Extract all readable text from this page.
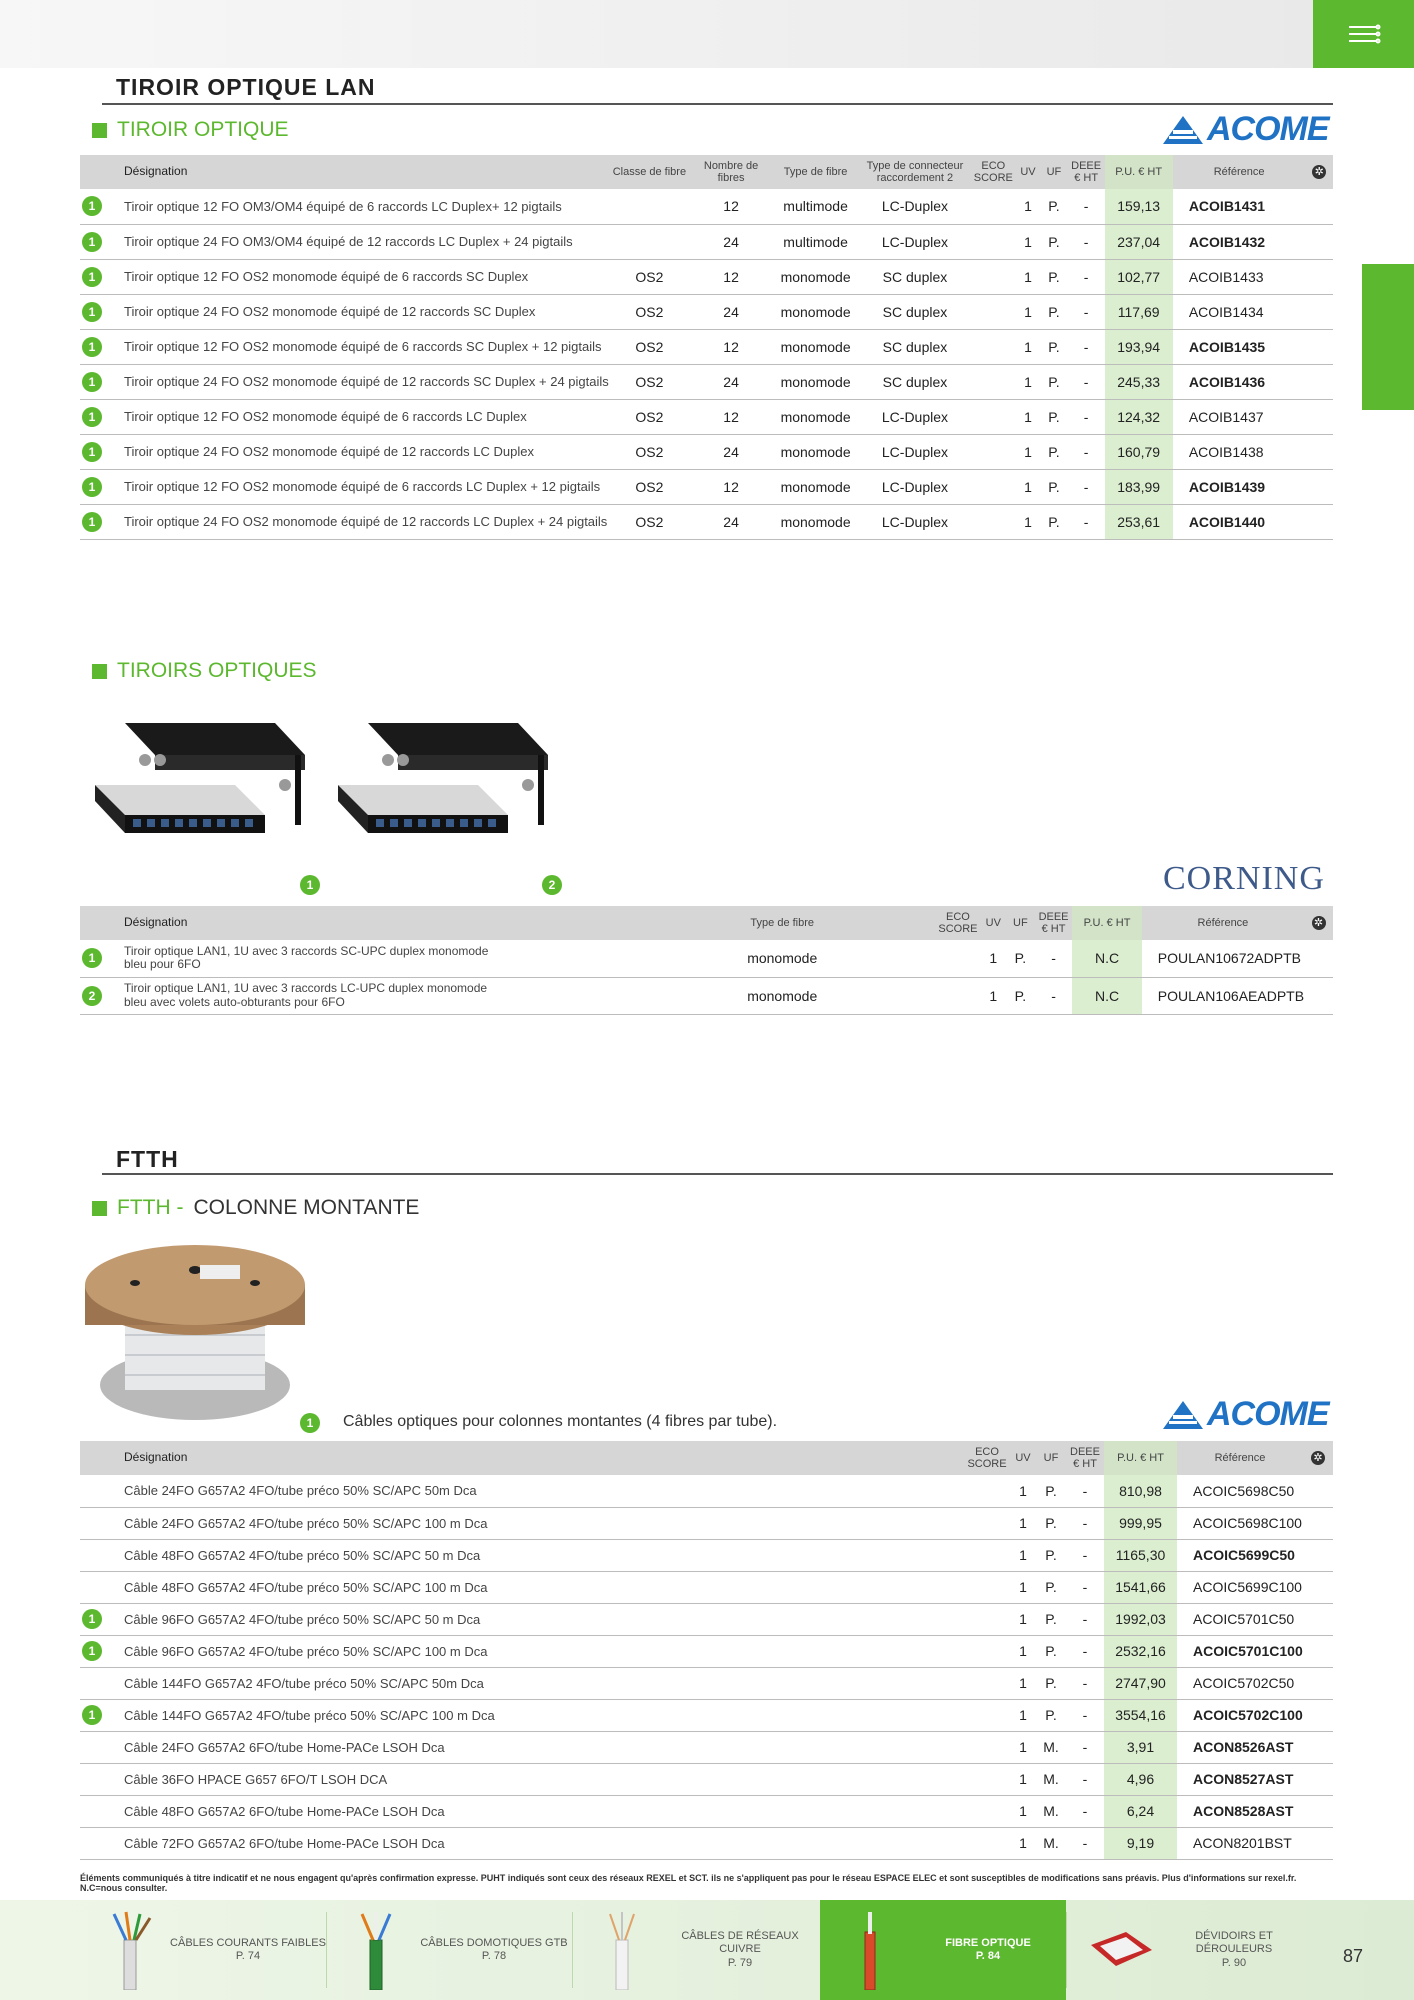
TIROIR OPTIQUE LAN
TIROIR OPTIQUE	ACOME
Désignation	Classe de fibre	Nombre de fibres	Type de fibre	Type de connecteur raccordement 2	ECO SCORE	UV	UF	DEEE € HT	P.U. € HT	Référence	✲

1 Tiroir optique 12 FO OM3/OM4 équipé de 6 raccords LC Duplex+ 12 pigtails		12	multimode	LC-Duplex		1	P.	-	159,13	ACOIB1431	

1 Tiroir optique 24 FO OM3/OM4 équipé de 12 raccords LC Duplex + 24 pigtails		24	multimode	LC-Duplex		1	P.	-	237,04	ACOIB1432	

1 Tiroir optique 12 FO OS2 monomode équipé de 6 raccords SC Duplex	OS2	12	monomode	SC duplex		1	P.	-	102,77	ACOIB1433	

1 Tiroir optique 24 FO OS2 monomode équipé de 12 raccords SC Duplex	OS2	24	monomode	SC duplex		1	P.	-	117,69	ACOIB1434	

1 Tiroir optique 12 FO OS2 monomode équipé de 6 raccords SC Duplex + 12 pigtails	OS2	12	monomode	SC duplex		1	P.	-	193,94	ACOIB1435	

1 Tiroir optique 24 FO OS2 monomode équipé de 12 raccords SC Duplex + 24 pigtails	OS2	24	monomode	SC duplex		1	P.	-	245,33	ACOIB1436	

1 Tiroir optique 12 FO OS2 monomode équipé de 6 raccords LC Duplex	OS2	12	monomode	LC-Duplex		1	P.	-	124,32	ACOIB1437	

1 Tiroir optique 24 FO OS2 monomode équipé de 12 raccords LC Duplex	OS2	24	monomode	LC-Duplex		1	P.	-	160,79	ACOIB1438	

1 Tiroir optique 12 FO OS2 monomode équipé de 6 raccords LC Duplex + 12 pigtails	OS2	12	monomode	LC-Duplex		1	P.	-	183,99	ACOIB1439	

1 Tiroir optique 24 FO OS2 monomode équipé de 12 raccords LC Duplex + 24 pigtails	OS2	24	monomode	LC-Duplex		1	P.	-	253,61	ACOIB1440	
TIROIRS OPTIQUES
1	2	CORNING
Désignation	Type de fibre	ECO SCORE	UV	UF	DEEE € HT	P.U. € HT	Référence	✲

1
Tiroir optique LAN1, 1U avec 3 raccords SC-UPC duplex monomode
bleu pour 6FO	monomode		1	P.	-	N.C	POULAN10672ADPTB	

2
Tiroir optique LAN1, 1U avec 3 raccords LC-UPC duplex monomode
bleu avec volets auto-obturants pour 6FO	monomode		1	P.	-	N.C	POULAN106AEADPTB	
FTTH
FTTH - COLONNE MONTANTE
1	Câbles optiques pour colonnes montantes (4 fibres par tube).	ACOME
Désignation	ECO SCORE	UV	UF	DEEE € HT	P.U. € HT	Référence	✲
Câble 24FO G657A2 4FO/tube préco 50% SC/APC 50m Dca		1	P.	-	810,98	ACOIC5698C50	
Câble 24FO G657A2 4FO/tube préco 50% SC/APC 100 m Dca		1	P.	-	999,95	ACOIC5698C100	
Câble 48FO G657A2 4FO/tube préco 50% SC/APC 50 m Dca		1	P.	-	1165,30	ACOIC5699C50	
Câble 48FO G657A2 4FO/tube préco 50% SC/APC 100 m Dca		1	P.	-	1541,66	ACOIC5699C100	

1 Câble 96FO G657A2 4FO/tube préco 50% SC/APC 50 m Dca		1	P.	-	1992,03	ACOIC5701C50	

1 Câble 96FO G657A2 4FO/tube préco 50% SC/APC 100 m Dca		1	P.	-	2532,16	ACOIC5701C100	
Câble 144FO G657A2 4FO/tube préco 50% SC/APC 50m Dca		1	P.	-	2747,90	ACOIC5702C50	

1 Câble 144FO G657A2 4FO/tube préco 50% SC/APC 100 m Dca		1	P.	-	3554,16	ACOIC5702C100	
Câble 24FO G657A2 6FO/tube Home-PACe LSOH Dca		1	M.	-	3,91	ACON8526AST	
Câble 36FO HPACE G657 6FO/T LSOH DCA		1	M.	-	4,96	ACON8527AST	
Câble 48FO G657A2 6FO/tube Home-PACe LSOH Dca		1	M.	-	6,24	ACON8528AST	
Câble 72FO G657A2 6FO/tube Home-PACe LSOH Dca		1	M.	-	9,19	ACON8201BST	
Éléments communiqués à titre indicatif et ne nous engagent qu'après confirmation expresse. PUHT indiqués sont ceux des réseaux REXEL et SCT. ils ne s'appliquent pas pour le réseau ESPACE ELEC et sont susceptibles de modifications sans préavis. Plus d'informations sur rexel.fr. N.C=nous consulter.
CÂBLES COURANTS FAIBLES
P. 74
CÂBLES DOMOTIQUES GTB
P. 78
CÂBLES DE RÉSEAUX CUIVRE
P. 79
FIBRE OPTIQUE
P. 84
DÉVIDOIRS ET DÉROULEURS
P. 90	87
